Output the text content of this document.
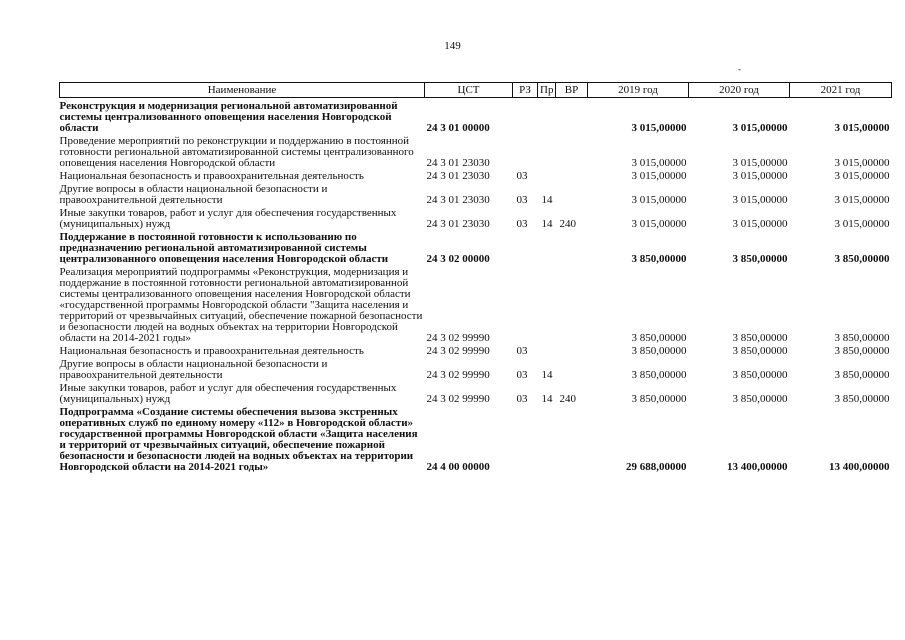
149
-
Наименование	ЦСТ	РЗ	Пр	ВР	2019 год	2020 год	2021 год
Реконструкция и модернизация региональной автоматизированной системы централизованного оповещения населения Новгородской области	24 3 01 00000				3 015,00000	3 015,00000	3 015,00000
Проведение мероприятий по реконструкции и поддержанию в постоянной готовности региональной автоматизированной системы централизованного оповещения населения Новгородской области	24 3 01 23030				3 015,00000	3 015,00000	3 015,00000
Национальная безопасность и правоохранительная деятельность	24 3 01 23030	03			3 015,00000	3 015,00000	3 015,00000
Другие вопросы в области национальной безопасности и правоохранительной деятельности	24 3 01 23030	03	14		3 015,00000	3 015,00000	3 015,00000
Иные закупки товаров, работ и услуг для обеспечения государственных (муниципальных) нужд	24 3 01 23030	03	14	240	3 015,00000	3 015,00000	3 015,00000
Поддержание в постоянной готовности к использованию по предназначению региональной автоматизированной системы централизованного оповещения населения Новгородской области	24 3 02 00000				3 850,00000	3 850,00000	3 850,00000
Реализация мероприятий подпрограммы «Реконструкция, модернизация и поддержание в постоянной готовности региональной автоматизированной системы централизованного оповещения населения Новгородской области «государственной программы Новгородской области "Защита населения и территорий от чрезвычайных ситуаций, обеспечение пожарной безопасности и безопасности людей на водных объектах на территории Новгородской области на 2014-2021 годы»	24 3 02 99990				3 850,00000	3 850,00000	3 850,00000
Национальная безопасность и правоохранительная деятельность	24 3 02 99990	03			3 850,00000	3 850,00000	3 850,00000
Другие вопросы в области национальной безопасности и правоохранительной деятельности	24 3 02 99990	03	14		3 850,00000	3 850,00000	3 850,00000
Иные закупки товаров, работ и услуг для обеспечения государственных (муниципальных) нужд	24 3 02 99990	03	14	240	3 850,00000	3 850,00000	3 850,00000
Подпрограмма «Создание системы обеспечения вызова экстренных оперативных служб по единому номеру «112» в Новгородской области» государственной программы Новгородской области «Защита населения и территорий от чрезвычайных ситуаций, обеспечение пожарной безопасности и безопасности людей на водных объектах на территории Новгородской области на 2014-2021 годы»	24 4 00 00000				29 688,00000	13 400,00000	13 400,00000
